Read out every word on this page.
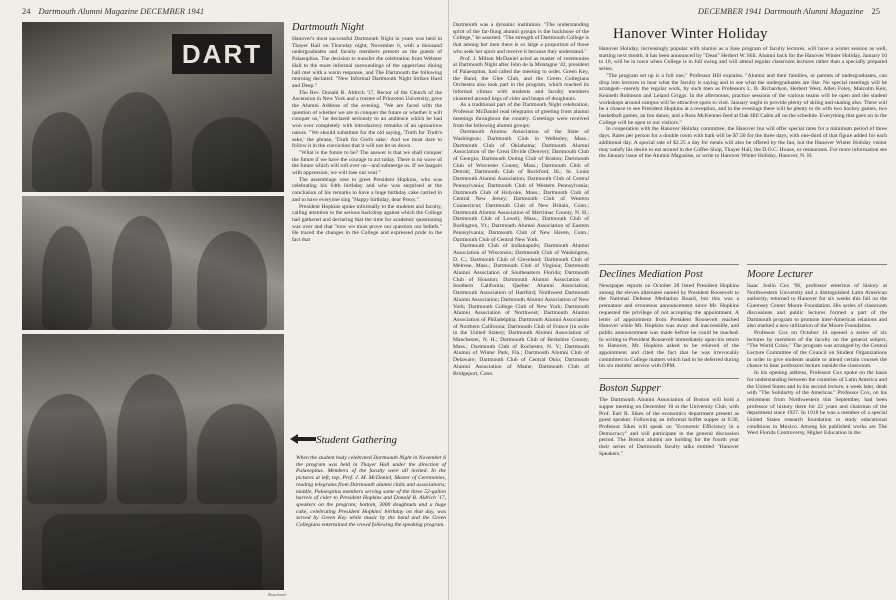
24 Dartmouth Alumni Magazine DECEMBER 1941
DART
Bouchard
Dartmouth Night

Hanover's most successful Dartmouth Night in years was held in Thayer Hall on Thursday night, November 6, with a thousand undergraduates and faculty members present as the guests of Palaeopitus. The decision to transfer the celebration from Webster Hall to the more informal surroundings of the upperclass dining hall met with a warm response, and The Dartmouth the following morning declared: "New Informal Dartmouth Night Strikes Hard and Deep."

The Rev. Donald B. Aldrich '17, Rector of the Church of the Ascension in New York and a trustee of Princeton University, gave the Alumni Address of the evening. "We are faced with the question of whether we are to conquer the future or whether it will conquer us," he declared seriously to an audience which he had won over completely with introductory remarks of an uproarious nature. "We should substitute for the old saying, 'Truth for Truth's sake,' the phrase, 'Truth for God's sake.' And we must dare to follow it in the conviction that it will not let us down.

"What is the future to be? The answer is that we shall conquer the future if we have the courage to act today. There is no wave of the future which will roll over us—and submerge us. If we bargain with oppression, we will lose our soul."

The assemblage rose to greet President Hopkins, who was celebrating his 64th birthday and who was surprised at the conclusion of his remarks to have a huge birthday cake carried in and to have everyone sing "Happy birthday, dear Prexy."

President Hopkins spoke informally to the students and faculty, calling attention to the serious backdrop against which the College had gathered and declaring that the time for academic questioning was over and that "now we must prove our question our beliefs." He traced the changes in the College and expressed pride in the fact that

Student Gathering
When the student body celebrated Dartmouth Night in November 6 the program was held in Thayer Hall under the direction of Palaeopitus. Members of the faculty were all invited. In the pictures at left, top, Prof. J. M. McDaniel, Master of Ceremonies, reading telegrams from Dartmouth alumni clubs and associations; middle, Palaeopitus members serving some of the three 52-gallon barrels of cider to President Hopkins and Donald B. Aldrich '17, speakers on the program; bottom, 3000 doughnuts and a huge cake, celebrating President Hopkins' birthday on that day, was served by Green Key while music by the band and the Green Collegians entertained the crowd following the speaking program.
DECEMBER 1941 Dartmouth Alumni Magazine 25

Dartmouth was a dynamic institution. "The understanding spirit of the far-flung alumni groups is the backbone of the College," he asserted. "The strength of Dartmouth College is that among her men there is so large a proportion of those who seek her spirit and receive it because they understand."

Prof. J. Milton McDaniel acted as master of ceremonies at Dartmouth Night after John de la Montagne '42, president of Palaeopitus, had called the meeting to order. Green Key, the Band, the Glee Club, and the Green Collegians Orchestra also took part in the program, which reached its informal climax with students and faculty members clustered around kegs of cider and heaps of doughnuts.

As a traditional part of the Dartmouth Night celebration, Professor McDaniel read telegrams of greeting from alumni meetings throughout the country. Greetings were received from the following alumni groups:

Dartmouth Alumni Association of the State of Washington; Dartmouth Club in Wellesley, Mass.; Dartmouth Club of Oklahoma; Dartmouth Alumni Association of the Great Divide (Denver); Dartmouth Club of Georgia; Dartmouth Outing Club of Boston; Dartmouth Club of Worcester County, Mass.; Dartmouth Club of Detroit; Dartmouth Club of Rockford, Ill.; St. Louis Dartmouth Alumni Association; Dartmouth Club of Central Pennsylvania; Dartmouth Club of Western Pennsylvania; Dartmouth Club of Holyoke, Mass.; Dartmouth Club of Central New Jersey; Dartmouth Club of Western Connecticut; Dartmouth Club of New Britain, Conn.; Dartmouth Alumni Association of Merrimac County, N. H.; Dartmouth Club of Lowell, Mass.; Dartmouth Club of Burlington, Vt.; Dartmouth Alumni Association of Eastern Pennsylvania; Dartmouth Club of New Haven, Conn.; Dartmouth Club of Central New York.

Dartmouth Club of Indianapolis; Dartmouth Alumni Association of Wisconsin; Dartmouth Club of Washington, D. C.; Dartmouth Club of Cleveland; Dartmouth Club of Melrose, Mass.; Dartmouth Club of Virginia; Dartmouth Alumni Association of Southeastern Florida; Dartmouth Club of Houston; Dartmouth Alumni Association of Southern California; Quebec Alumni Association; Dartmouth Association of Hartford; Northwest Dartmouth Alumni Association; Dartmouth Alumni Association of New York; Dartmouth College Club of New York; Dartmouth Alumni Association of Northwest; Dartmouth Alumni Association of Philadelphia; Dartmouth Alumni Association of Northern California; Dartmouth Club of France (in exile in the United States); Dartmouth Alumni Association of Manchester, N. H.; Dartmouth Club of Berkshire County, Mass.; Dartmouth Club of Rochester, N. Y.; Dartmouth Alumni of Winter Park, Fla.; Dartmouth Alumni Club of Delaware; Dartmouth Club of Central Ohio; Dartmouth Alumni Association of Maine; Dartmouth Club of Bridgeport, Conn.

Hanover Winter Holiday

Hanover Holiday, increasingly popular with alumni as a June program of faculty lectures, will have a winter session as well, starting next month, it has been announced by "Dean" Herbert W. Hill. Alumni back for the Hanover Winter Holiday, January 10 to 18, will be in town when College is in full swing and will attend regular classroom lectures rather than a specially prepared series.

"The program set up is a full one," Professor Hill explains. "Alumni and their families, or parents of undergraduates, can drop into lectures to hear what the faculty is saying and to see what the undergraduates are like. No special meetings will be arranged—merely the regular work, by such men as Professors L. B. Richardson, Herbert West, Allen Foley, Malcolm Keir, Kenneth Robinson and Leland Griggs. In the afternoons, practice sessions of the various teams will be open and the student workshops around campus will be attractive spots to visit. January ought to provide plenty of skiing and skating also. There will be a chance to see President Hopkins at a reception, and in the evenings there will be plenty to do with two hockey games, two basketball games, an Inn dance, and a Ross McKennes feed at Oak Hill Cabin all on the schedule. Everything that goes on in the College will be open to our visitors."

In cooperation with the Hanover Holiday committee, the Hanover Inn will offer special rates for a minimum period of three days. Rates per person for a double room with bath will be $7.50 for the three days, with one-third of that figure added for each additional day. A special rate of $2.25 a day for meals will also be offered by the Inn, but the Hanover Winter Holiday visitor may satisfy his desire to eat around in the Coffee Shop, Thayer Hall, the D.O.C. House, or restaurants. For more information see the January issue of the Alumni Magazine, or write to Hanover Winter Holiday, Hanover, N. H.

Declines Mediation Post

Newspaper reports on October 28 listed President Hopkins among the eleven alternates named by President Roosevelt to the National Defense Mediation Board, but this was a premature and erroneous announcement since Mr. Hopkins requested the privilege of not accepting the appointment. A letter of appointment from President Roosevelt reached Hanover while Mr. Hopkins was away and inaccessible, and public announcement was made before he could be reached. In writing to President Roosevelt immediately upon his return to Hanover, Mr. Hopkins asked to be relieved of the appointment and cited the fact that he was irrevocably committed to College matters which had to be deferred during his six months' service with OPM.

Boston Supper

The Dartmouth Alumni Association of Boston will hold a supper meeting on December 10 at the University Club, with Prof. Earl R. Sikes of the economics department present as guest speaker. Following an informal buffet supper at 6:30, Professor Sikes will speak on "Economic Efficiency in a Democracy" and will participate in the general discussion period. The Boston alumni are holding for the fourth year their series of Dartmouth faculty talks entitled "Hanover Speakers."

Moore Lecturer

Isaac Joslin Cox '96, professor emeritus of history at Northwestern University and a distinguished Latin American authority, returned to Hanover for six weeks this fall on the Guernsey Center Moore Foundation. His series of classroom discussions and public lectures formed a part of the Dartmouth program to promote inter-American relations and also marked a new utilization of the Moore Foundation.

Professor Cox on October 14 opened a series of six lectures by members of the faculty on the general subject, "The World Crisis." The program was arranged by the Central Lecture Committee of the Council on Student Organizations in order to give students unable to attend certain courses the chance to hear professors lecture outside the classroom.

In his opening address, Professor Cox spoke on the basis for understanding between the countries of Latin America and the United States and in his second lecture, a week later, dealt with "The Solidarity of the Americas." Professor Cox, on his retirement from Northwestern this September, had been professor of history there for 22 years and chairman of the department since 1927. In 1918 he was a member of a special United States research foundation to study educational conditions in Mexico. Among his published works are The West Florida Controversy, Higher Education in the
